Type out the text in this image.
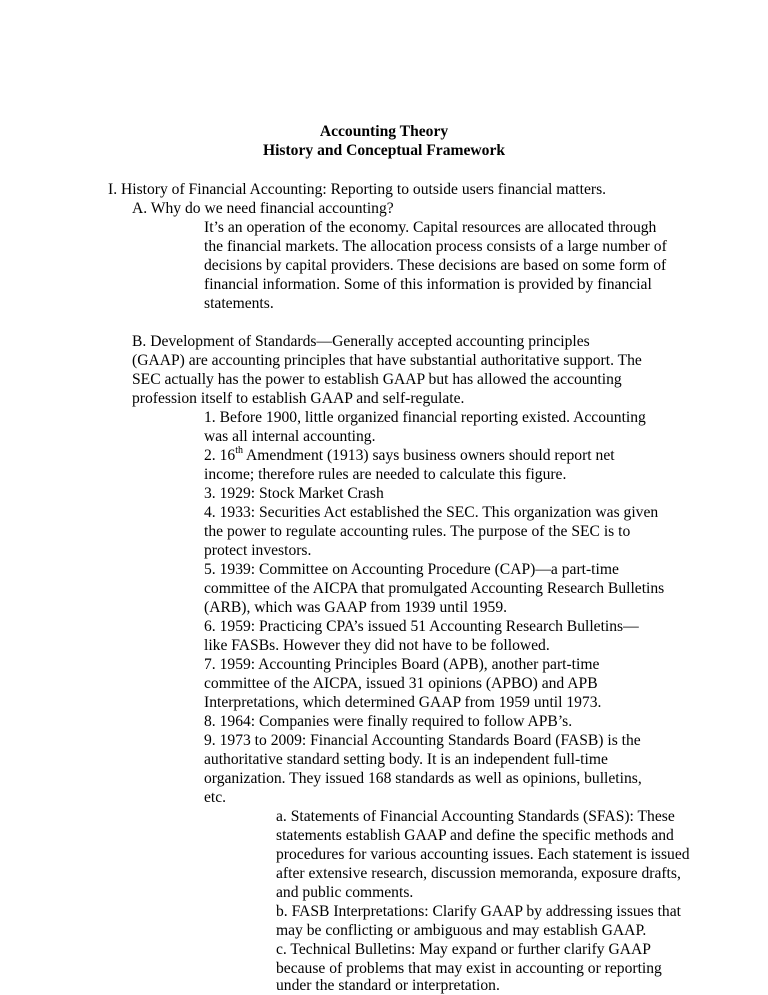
Accounting Theory
History and Conceptual Framework
I. History of Financial Accounting: Reporting to outside users financial matters.
A. Why do we need financial accounting?
It’s an operation of the economy. Capital resources are allocated through
the financial markets. The allocation process consists of a large number of
decisions by capital providers. These decisions are based on some form of
financial information. Some of this information is provided by financial
statements.
B. Development of Standards—Generally accepted accounting principles
(GAAP) are accounting principles that have substantial authoritative support. The
SEC actually has the power to establish GAAP but has allowed the accounting
profession itself to establish GAAP and self-regulate.
1. Before 1900, little organized financial reporting existed. Accounting
was all internal accounting.
2. 16th Amendment (1913) says business owners should report net
income; therefore rules are needed to calculate this figure.
3. 1929: Stock Market Crash
4. 1933: Securities Act established the SEC. This organization was given
the power to regulate accounting rules. The purpose of the SEC is to
protect investors.
5. 1939: Committee on Accounting Procedure (CAP)—a part-time
committee of the AICPA that promulgated Accounting Research Bulletins
(ARB), which was GAAP from 1939 until 1959.
6. 1959: Practicing CPA’s issued 51 Accounting Research Bulletins—
like FASBs. However they did not have to be followed.
7. 1959: Accounting Principles Board (APB), another part-time
committee of the AICPA, issued 31 opinions (APBO) and APB
Interpretations, which determined GAAP from 1959 until 1973.
8. 1964: Companies were finally required to follow APB’s.
9. 1973 to 2009: Financial Accounting Standards Board (FASB) is the
authoritative standard setting body. It is an independent full-time
organization. They issued 168 standards as well as opinions, bulletins,
etc.
a. Statements of Financial Accounting Standards (SFAS): These
statements establish GAAP and define the specific methods and
procedures for various accounting issues. Each statement is issued
after extensive research, discussion memoranda, exposure drafts,
and public comments.
b. FASB Interpretations: Clarify GAAP by addressing issues that
may be conflicting or ambiguous and may establish GAAP.
c. Technical Bulletins: May expand or further clarify GAAP
because of problems that may exist in accounting or reporting
under the standard or interpretation.
